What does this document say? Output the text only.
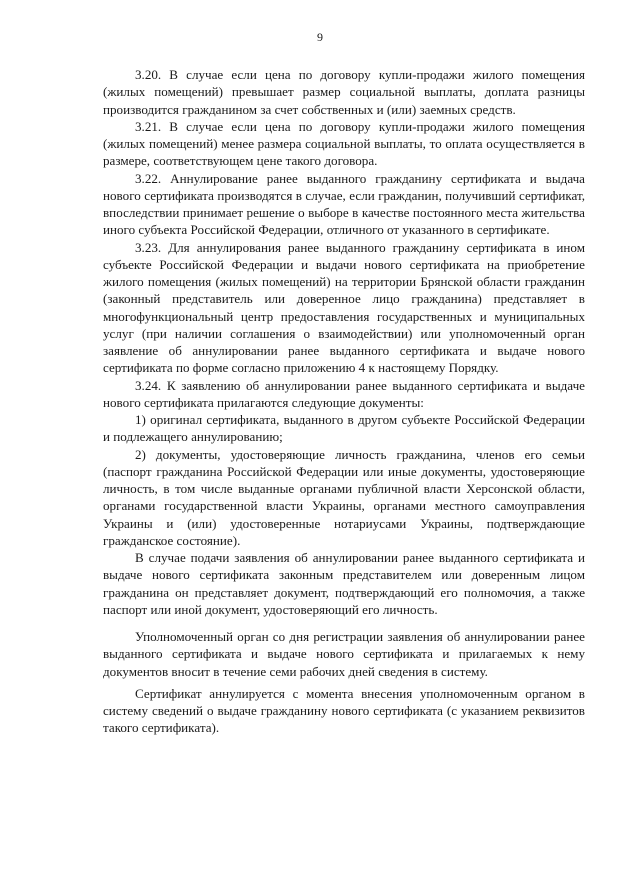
9

3.20. В случае если цена по договору купли-продажи жилого помещения (жилых помещений) превышает размер социальной выплаты, доплата разницы производится гражданином за счет собственных и (или) заемных средств.

3.21. В случае если цена по договору купли-продажи жилого помещения (жилых помещений) менее размера социальной выплаты, то оплата осуществляется в размере, соответствующем цене такого договора.

3.22. Аннулирование ранее выданного гражданину сертификата и выдача нового сертификата производятся в случае, если гражданин, получивший сертификат, впоследствии принимает решение о выборе в качестве постоянного места жительства иного субъекта Российской Федерации, отличного от указанного в сертификате.

3.23. Для аннулирования ранее выданного гражданину сертификата в ином субъекте Российской Федерации и выдачи нового сертификата на приобретение жилого помещения (жилых помещений) на территории Брянской области гражданин (законный представитель или доверенное лицо гражданина) представляет в многофункциональный центр предоставления государственных и муниципальных услуг (при наличии соглашения о взаимодействии) или уполномоченный орган заявление об аннулировании ранее выданного сертификата и выдаче нового сертификата по форме согласно приложению 4 к настоящему Порядку.

3.24. К заявлению об аннулировании ранее выданного сертификата и выдаче нового сертификата прилагаются следующие документы:

1) оригинал сертификата, выданного в другом субъекте Российской Федерации и подлежащего аннулированию;

2) документы, удостоверяющие личность гражданина, членов его семьи (паспорт гражданина Российской Федерации или иные документы, удостоверяющие личность, в том числе выданные органами публичной власти Херсонской области, органами государственной власти Украины, органами местного самоуправления Украины и (или) удостоверенные нотариусами Украины, подтверждающие гражданское состояние).

В случае подачи заявления об аннулировании ранее выданного сертификата и выдаче нового сертификата законным представителем или доверенным лицом гражданина он представляет документ, подтверждающий его полномочия, а также паспорт или иной документ, удостоверяющий его личность.

Уполномоченный орган со дня регистрации заявления об аннулировании ранее выданного сертификата и выдаче нового сертификата и прилагаемых к нему документов вносит в течение семи рабочих дней сведения в систему.

Сертификат аннулируется с момента внесения уполномоченным органом в систему сведений о выдаче гражданину нового сертификата (с указанием реквизитов такого сертификата).
